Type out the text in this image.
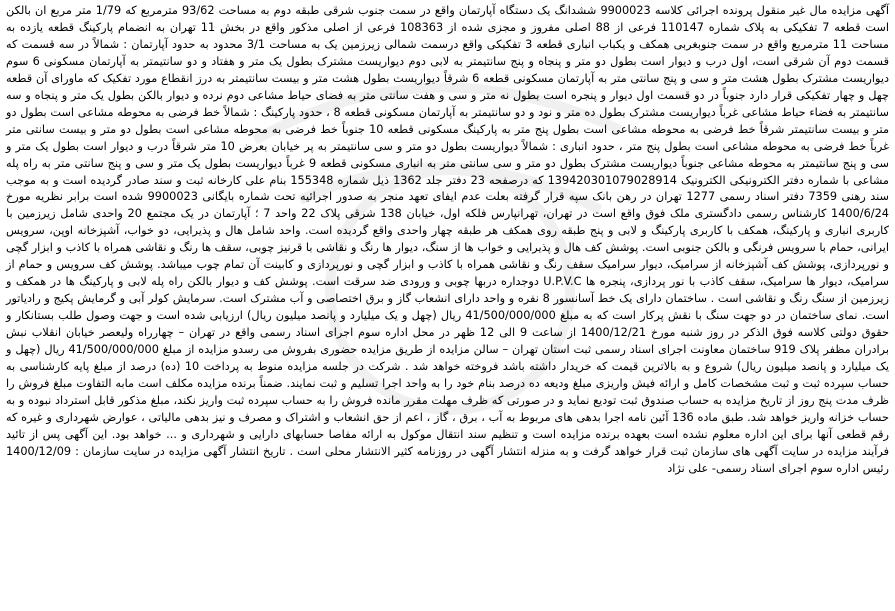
آگهی مزایده مال غیر منقول پرونده اجرائی کلاسه 9900023 ششدانگ یک دستگاه آپارتمان واقع در سمت جنوب شرقی طبقه دوم به مساحت 93/62 مترمربع که 1/79 متر مربع ان بالکن است قطعه 7 تفکیکی به پلاک شماره 110147 فرعی از 88 اصلی مفروز و مجزی شده از 108363 فرعی از اصلی مذکور واقع در بخش 11 تهران به انضمام پارکینگ قطعه یازده به مساحت 11 مترمربع واقع در سمت جنوبغربی همکف و یکباب انباری قطعه 3 تفکیکی واقع درسمت شمالی زیرزمین یک به مساحت 3/1 محدود به حدود آپارتمان : شمالاً در سه قسمت که قسمت دوم آن شرقی است، اول درب و دیوار است بطول دو متر و پنجاه و پنج سانتیمتر به لابی دوم دیواریست مشترک بطول یک متر و هفتاد و دو سانتیمتر به آپارتمان مسکونی 6 سوم دیواریست مشترک بطول هشت متر و سی و پنج سانتی متر به آپارتمان مسکونی قطعه 6 شرقاً دیواریست بطول هشت متر و بیست سانتیمتر به درز انقطاع مورد تفکیک که ماورای آن قطعه چهل و چهار تفکیکی قرار دارد جنوباً در دو قسمت اول دیوار و پنجره است بطول نه متر و سی و هفت سانتی متر به فضای حیاط مشاعی دوم نرده و دیوار بالکن بطول یک متر و پنجاه و سه سانتیمتر به فضاء حیاط مشاعی غرباً دیواریست مشترک بطول ده متر و نود و دو سانتیمتر به آپارتمان مسکونی قطعه 8 ، حدود پارکینگ : شمالاً خط فرضی به محوطه مشاعی است بطول دو متر و بیست سانتیمتر شرقاً خط فرضی به محوطه مشاعی است بطول پنج متر به پارکینگ مسکونی قطعه 10 جنوباً خط فرضی به محوطه مشاعی است بطول دو متر و بیست سانتی متر غرباً خط فرضی به محوطه مشاعی است بطول پنج متر ، حدود انباری : شمالاً دیواریست بطول دو متر و سی سانتیمتر به پر خیابان بعرض 10 متر شرقاً درب و دیوار است بطول یک متر و سی و پنج سانتیمتر به محوطه مشاعی جنوباً دیواریست مشترک بطول دو متر و سی سانتی متر به انباری مسکونی قطعه 9 غرباً دیواریست بطول یک متر و سی و پنج سانتی متر به راه پله مشاعی با شماره دفتر الکترونیکی الکترونیک 139420301079028914 که درصفحه 23 دفتر جلد 1362 ذیل شماره 155348 بنام علی کارخانه ثبت و سند صادر گردیده است و به موجب سند رهنی 7359 دفتر اسناد رسمی 1277 تهران در رهن بانک سپه قرار گرفته بعلت عدم ایفای تعهد منجر به صدور اجرائیه تحت شماره بایگانی 9900023 شده است برابر نظریه مورخ 1400/6/24 کارشناس رسمی دادگستری ملک فوق واقع است در تهران، تهرانپارس فلکه اول، خیابان 138 شرقی پلاک 22 واحد 7 ؛ آپارتمان در یک مجتمع 20 واحدی شامل زیرزمین با کاربری انباری و پارکینگ، همکف با کاربری پارکینگ و لابی و پنج طبقه روی همکف هر طبقه چهار واحدی واقع گردیده است. واحد شامل هال و پذیرایی، دو خواب، آشپزخانه اوپن، سرویس ایرانی، حمام با سرویس فرنگی و بالکن جنوبی است. پوشش کف هال و پذیرایی و خواب ها از سنگ، دیوار ها رنگ و نقاشی با قرنیز چوبی، سقف ها رنگ و نقاشی همراه با کاذب و ابزار گچی و نورپردازی، پوشش کف آشپزخانه از سرامیک، دیوار سرامیک سقف رنگ و نقاشی همراه با کاذب و ابزار گچی و نورپردازی و کابینت آن تمام چوب میباشد. پوشش کف سرویس و حمام از سرامیک، دیوار ها سرامیک، سقف کاذب با نور پردازی، پنجره ها U.P.V.C دوجداره دربها چوبی و ورودی ضد سرقت است. پوشش کف و دیوار بالکن راه پله لابی و پارکینگ ها در همکف و زیرزمین از سنگ رنگ و نقاشی است . ساختمان دارای یک خط آسانسور 8 نفره و واحد دارای انشعاب گاز و برق اختصاصی و آب مشترک است. سرمایش کولر آبی و گرمایش پکیج و رادیاتور است. نمای ساختمان در دو جهت سنگ با نقش پرکار است که به مبلغ 41/500/000/000 ریال (چهل و یک میلیارد و پانصد میلیون ریال) ارزیابی شده است و جهت وصول طلب بستانکار و حقوق دولتی کلاسه فوق الذکر در روز شنبه مورخ 1400/12/21 از ساعت 9 الی 12 ظهر در محل اداره سوم اجرای اسناد رسمی واقع در تهران – چهارراه ولیعصر خیابان انقلاب نبش برادران مظفر پلاک 919 ساختمان معاونت اجرای اسناد رسمی ثبت استان تهران – سالن مزایده از طریق مزایده حضوری بفروش می رسدو مزایده از مبلغ 41/500/000/000 ریال (چهل و یک میلیارد و پانصد میلیون ریال) شروع و به بالاترین قیمت که خریدار داشته باشد فروخته خواهد شد . شرکت در جلسه مزایده منوط به پرداخت 10 (ده) درصد از مبلغ پایه کارشناسی به حساب سپرده ثبت و ثبت مشخصات کامل و ارائه فیش واریزی مبلغ ودیعه ده درصد بنام خود را به واحد اجرا تسلیم و ثبت نمایند. ضمناً برنده مزایده مکلف است مابه التفاوت مبلغ فروش را ظرف مدت پنج روز از تاریخ مزایده به حساب صندوق ثبت تودیع نماید و در صورتی که ظرف مهلت مقرر مانده فروش را به حساب سپرده ثبت واریز نکند، مبلغ مذکور قابل استرداد نبوده و به حساب خزانه واریز خواهد شد. طبق ماده 136 آئین نامه اجرا بدهی های مربوط به آب ، برق ، گاز ، اعم از حق انشعاب و اشتراک و مصرف و نیز بدهی مالیاتی ، عوارض شهرداری و غیره که رقم قطعی آنها برای این اداره معلوم نشده است بعهده برنده مزایده است و تنظیم سند انتقال موکول به ارائه مفاصا حسابهای دارایی و شهرداری و ... خواهد بود. این آگهی پس از تائید فرآیند مزایده در سایت آگهی های سازمان ثبت قرار خواهد گرفت و به منزله انتشار آگهی در روزنامه کثیر الانتشار محلی است . تاریخ انتشار آگهی مزایده در سایت سازمان : 1400/12/09 رئیس اداره سوم اجرای اسناد رسمی- علی نژاد
